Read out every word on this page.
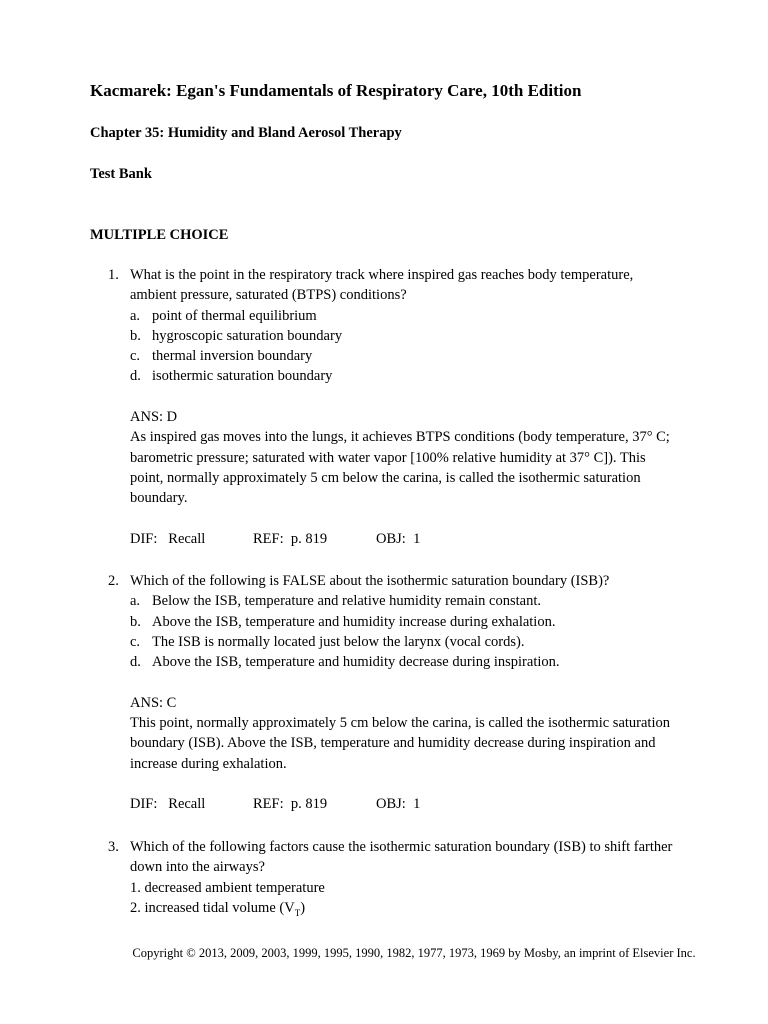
Kacmarek: Egan's Fundamentals of Respiratory Care, 10th Edition
Chapter 35: Humidity and Bland Aerosol Therapy
Test Bank
MULTIPLE CHOICE
1. What is the point in the respiratory track where inspired gas reaches body temperature,
ambient pressure, saturated (BTPS) conditions?
a. point of thermal equilibrium
b. hygroscopic saturation boundary
c. thermal inversion boundary
d. isothermic saturation boundary
ANS: D
As inspired gas moves into the lungs, it achieves BTPS conditions (body temperature, 37° C;
barometric pressure; saturated with water vapor [100% relative humidity at 37° C]). This
point, normally approximately 5 cm below the carina, is called the isothermic saturation
boundary.
DIF:   Recall	REF:  p. 819	OBJ:  1
2. Which of the following is FALSE about the isothermic saturation boundary (ISB)?
a. Below the ISB, temperature and relative humidity remain constant.
b. Above the ISB, temperature and humidity increase during exhalation.
c. The ISB is normally located just below the larynx (vocal cords).
d. Above the ISB, temperature and humidity decrease during inspiration.
ANS: C
This point, normally approximately 5 cm below the carina, is called the isothermic saturation
boundary (ISB). Above the ISB, temperature and humidity decrease during inspiration and
increase during exhalation.
DIF:   Recall	REF:  p. 819	OBJ:  1
3. Which of the following factors cause the isothermic saturation boundary (ISB) to shift farther
down into the airways?
1. decreased ambient temperature
2. increased tidal volume $(V_T)$
Copyright © 2013, 2009, 2003, 1999, 1995, 1990, 1982, 1977, 1973, 1969 by Mosby, an imprint of Elsevier Inc.
